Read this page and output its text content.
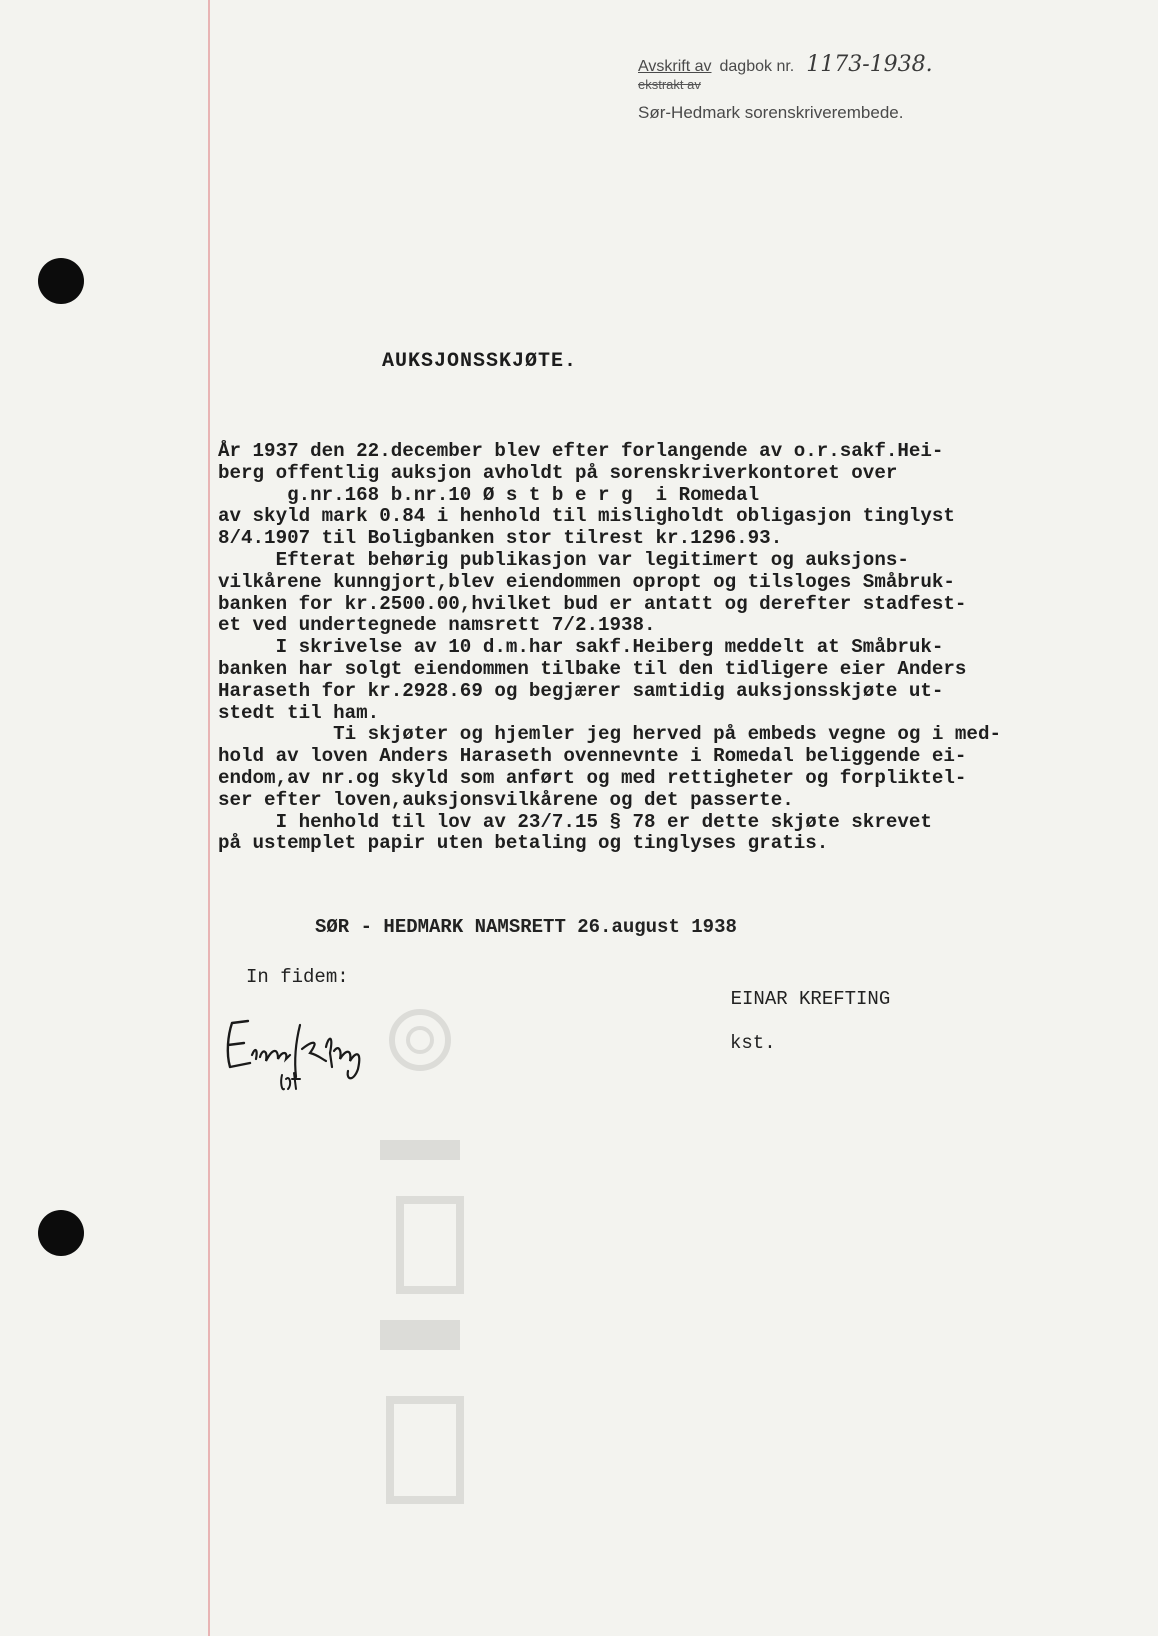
Avskrift av dagbok nr. 1173-1938.
ekstrakt av
Sør-Hedmark sorenskriverembede.
AUKSJONSSKJØTE.
År 1937 den 22.december blev efter forlangende av o.r.sakf.Hei-
berg offentlig auksjon avholdt på sorenskriverkontoret over
g.nr.168 b.nr.10 Ø s t b e r g  i Romedal
av skyld mark 0.84 i henhold til misligholdt obligasjon tinglyst
8/4.1907 til Boligbanken stor tilrest kr.1296.93.
Efterat behørig publikasjon var legitimert og auksjons-
vilkårene kunngjort,blev eiendommen opropt og tilsloges Småbruk-
banken for kr.2500.00,hvilket bud er antatt og derefter stadfest-
et ved undertegnede namsrett 7/2.1938.
I skrivelse av 10 d.m.har sakf.Heiberg meddelt at Småbruk-
banken har solgt eiendommen tilbake til den tidligere eier Anders
Haraseth for kr.2928.69 og begjærer samtidig auksjonsskjøte ut-
stedt til ham.
Ti skjøter og hjemler jeg herved på embeds vegne og i med-
hold av loven Anders Haraseth ovennevnte i Romedal beliggende ei-
endom,av nr.og skyld som anført og med rettigheter og forpliktel-
ser efter loven,auksjonsvilkårene og det passerte.
I henhold til lov av 23/7.15 § 78 er dette skjøte skrevet
på ustemplet papir uten betaling og tinglyses gratis.
SØR - HEDMARK NAMSRETT 26.august 1938
In fidem:

EINAR KREFTING

kst.
